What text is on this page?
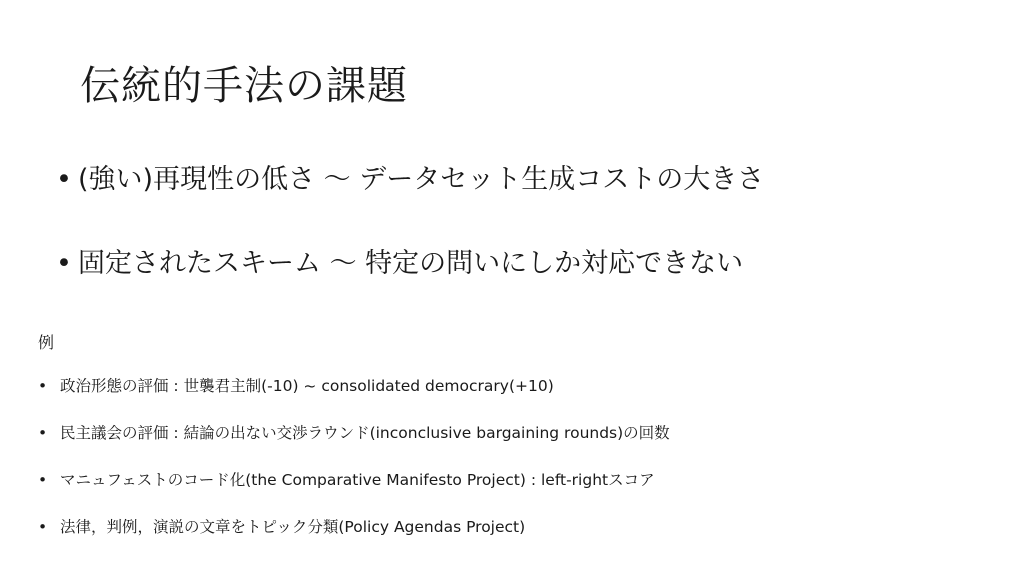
伝統的手法の課題
• (強い)再現性の低さ 〜 データセット生成コストの大きさ
• 固定されたスキーム 〜 特定の問いにしか対応できない

例

• 政治形態の評価 : 世襲君主制(-10) ~ consolidated democrary(+10)
• 民主議会の評価 : 結論の出ない交渉ラウンド(inconclusive bargaining rounds)の回数
• マニュフェストのコード化(the Comparative Manifesto Project) : left-rightスコア
• 法律，判例，演説の文章をトピック分類(Policy Agendas Project)
